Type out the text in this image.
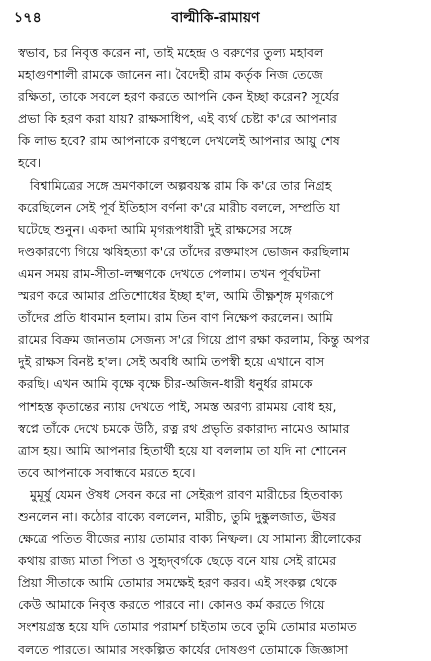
১৭৪	বাল্মীকি-রামায়ণ
স্বভাব, চর নিবৃত্ত করেন না, তাই মহেন্দ্র ও বরুণের তুল্য মহাবল
মহাগুণশালী রামকে জানেন না। বৈদেহী রাম কর্তৃক নিজ তেজে
রক্ষিতা, তাকে সবলে হরণ করতে আপনি কেন ইচ্ছা করেন? সূর্যের
প্রভা কি হরণ করা যায়? রাক্ষসাধিপ, এই ব্যর্থ চেষ্টা ক'রে আপনার
কি লাভ হবে? রাম আপনাকে রণস্থলে দেখলেই আপনার আয়ু শেষ
হবে।
বিশ্বামিত্রের সঙ্গে ভ্রমণকালে অল্পবয়স্ক রাম কি ক'রে তার নিগ্রহ
করেছিলেন সেই পূর্ব ইতিহাস বর্ণনা ক'রে মারীচ বললে, সম্প্রতি যা
ঘটেছে শুনুন। একদা আমি মৃগরূপধারী দুই রাক্ষসের সঙ্গে
দণ্ডকারণ্যে গিয়ে ঋষিহত্যা ক'রে তাঁদের রক্তমাংস ভোজন করছিলাম
এমন সময় রাম-সীতা-লক্ষ্মণকে দেখতে পেলাম। তখন পূর্বঘটনা
স্মরণ করে আমার প্রতিশোধের ইচ্ছা হ'ল, আমি তীক্ষ্ণশৃঙ্গ মৃগরূপে
তাঁদের প্রতি ধাবমান হলাম। রাম তিন বাণ নিক্ষেপ করলেন। আমি
রামের বিক্রম জানতাম সেজন্য স'রে গিয়ে প্রাণ রক্ষা করলাম, কিন্তু অপর
দুই রাক্ষস বিনষ্ট হ'ল। সেই অবধি আমি তপস্বী হয়ে এখানে বাস
করছি। এখন আমি বৃক্ষে বৃক্ষে চীর-অজিন-ধারী ধনুর্ধর রামকে
পাশহস্ত কৃতান্তের ন্যায় দেখতে পাই, সমস্ত অরণ্য রামময় বোধ হয়,
স্বপ্নে তাঁকে দেখে চমকে উঠি, রত্ন রথ প্রভৃতি রকারাদ্য নামেও আমার
ত্রাস হয়। আমি আপনার হিতার্থী হয়ে যা বললাম তা যদি না শোনেন
তবে আপনাকে সবান্ধবে মরতে হবে।
মুমূর্ষু যেমন ঔষধ সেবন করে না সেইরূপ রাবণ মারীচের হিতবাক্য
শুনলেন না। কঠোর বাক্যে বললেন, মারীচ, তুমি দুষ্কুলজাত, ঊষর
ক্ষেত্রে পতিত বীজের ন্যায় তোমার বাক্য নিষ্ফল। যে সামান্য স্ত্রীলোকের
কথায় রাজ্য মাতা পিতা ও সুহৃদ্‌বর্গকে ছেড়ে বনে যায় সেই রামের
প্রিয়া সীতাকে আমি তোমার সমক্ষেই হরণ করব। এই সংকল্প থেকে
কেউ আমাকে নিবৃত্ত করতে পারবে না। কোনও কর্ম করতে গিয়ে
সংশয়গ্রস্ত হয়ে যদি তোমার পরামর্শ চাইতাম তবে তুমি তোমার মতামত
বলতে পারতে। আমার সংকল্পিত কার্যের দোষগুণ তোমাকে জিজ্ঞাসা
